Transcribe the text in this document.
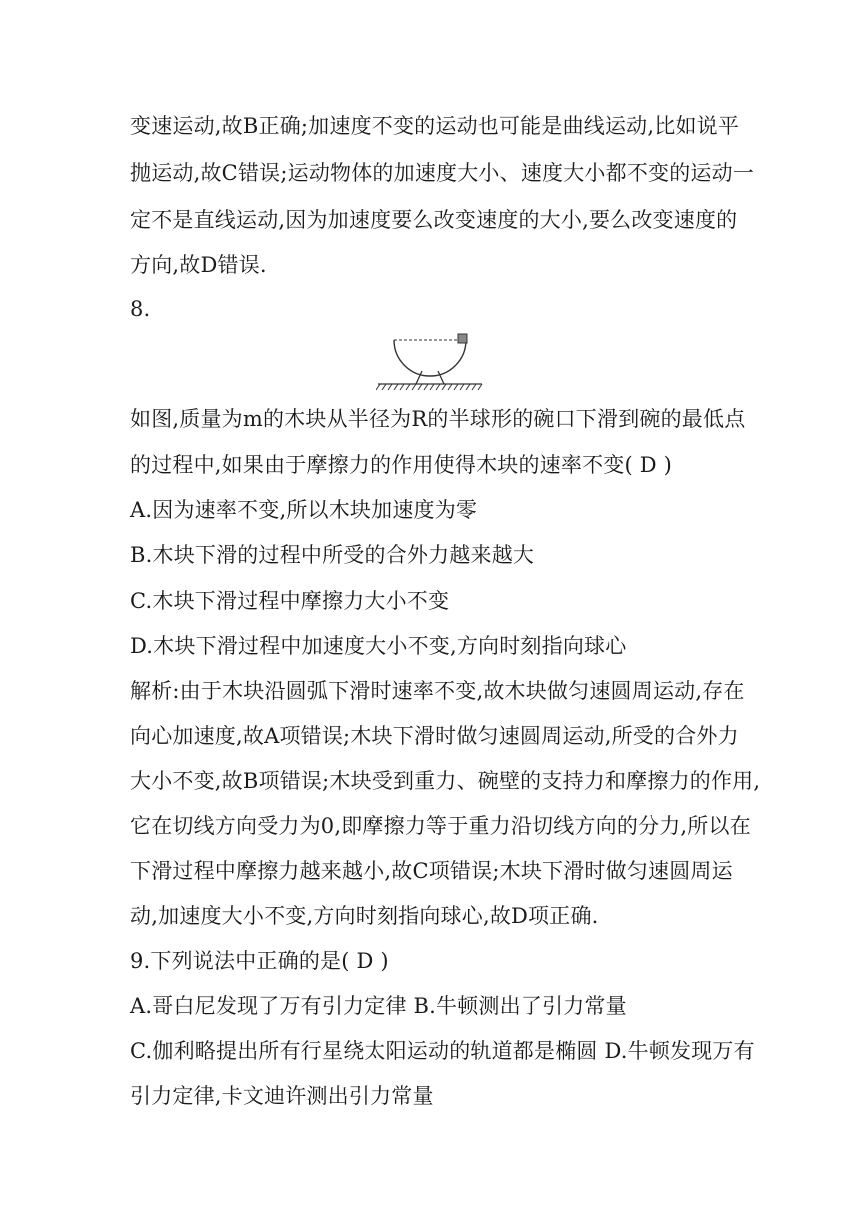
变速运动,故B正确;加速度不变的运动也可能是曲线运动,比如说平
抛运动,故C错误;运动物体的加速度大小、速度大小都不变的运动一
定不是直线运动,因为加速度要么改变速度的大小,要么改变速度的
方向,故D错误.
8.
如图,质量为m的木块从半径为R的半球形的碗口下滑到碗的最低点
的过程中,如果由于摩擦力的作用使得木块的速率不变( D )
A.因为速率不变,所以木块加速度为零
B.木块下滑的过程中所受的合外力越来越大
C.木块下滑过程中摩擦力大小不变
D.木块下滑过程中加速度大小不变,方向时刻指向球心
解析:由于木块沿圆弧下滑时速率不变,故木块做匀速圆周运动,存在
向心加速度,故A项错误;木块下滑时做匀速圆周运动,所受的合外力
大小不变,故B项错误;木块受到重力、碗壁的支持力和摩擦力的作用,
它在切线方向受力为0,即摩擦力等于重力沿切线方向的分力,所以在
下滑过程中摩擦力越来越小,故C项错误;木块下滑时做匀速圆周运
动,加速度大小不变,方向时刻指向球心,故D项正确.
9.下列说法中正确的是( D )
A.哥白尼发现了万有引力定律 B.牛顿测出了引力常量
C.伽利略提出所有行星绕太阳运动的轨道都是椭圆 D.牛顿发现万有
引力定律,卡文迪许测出引力常量
